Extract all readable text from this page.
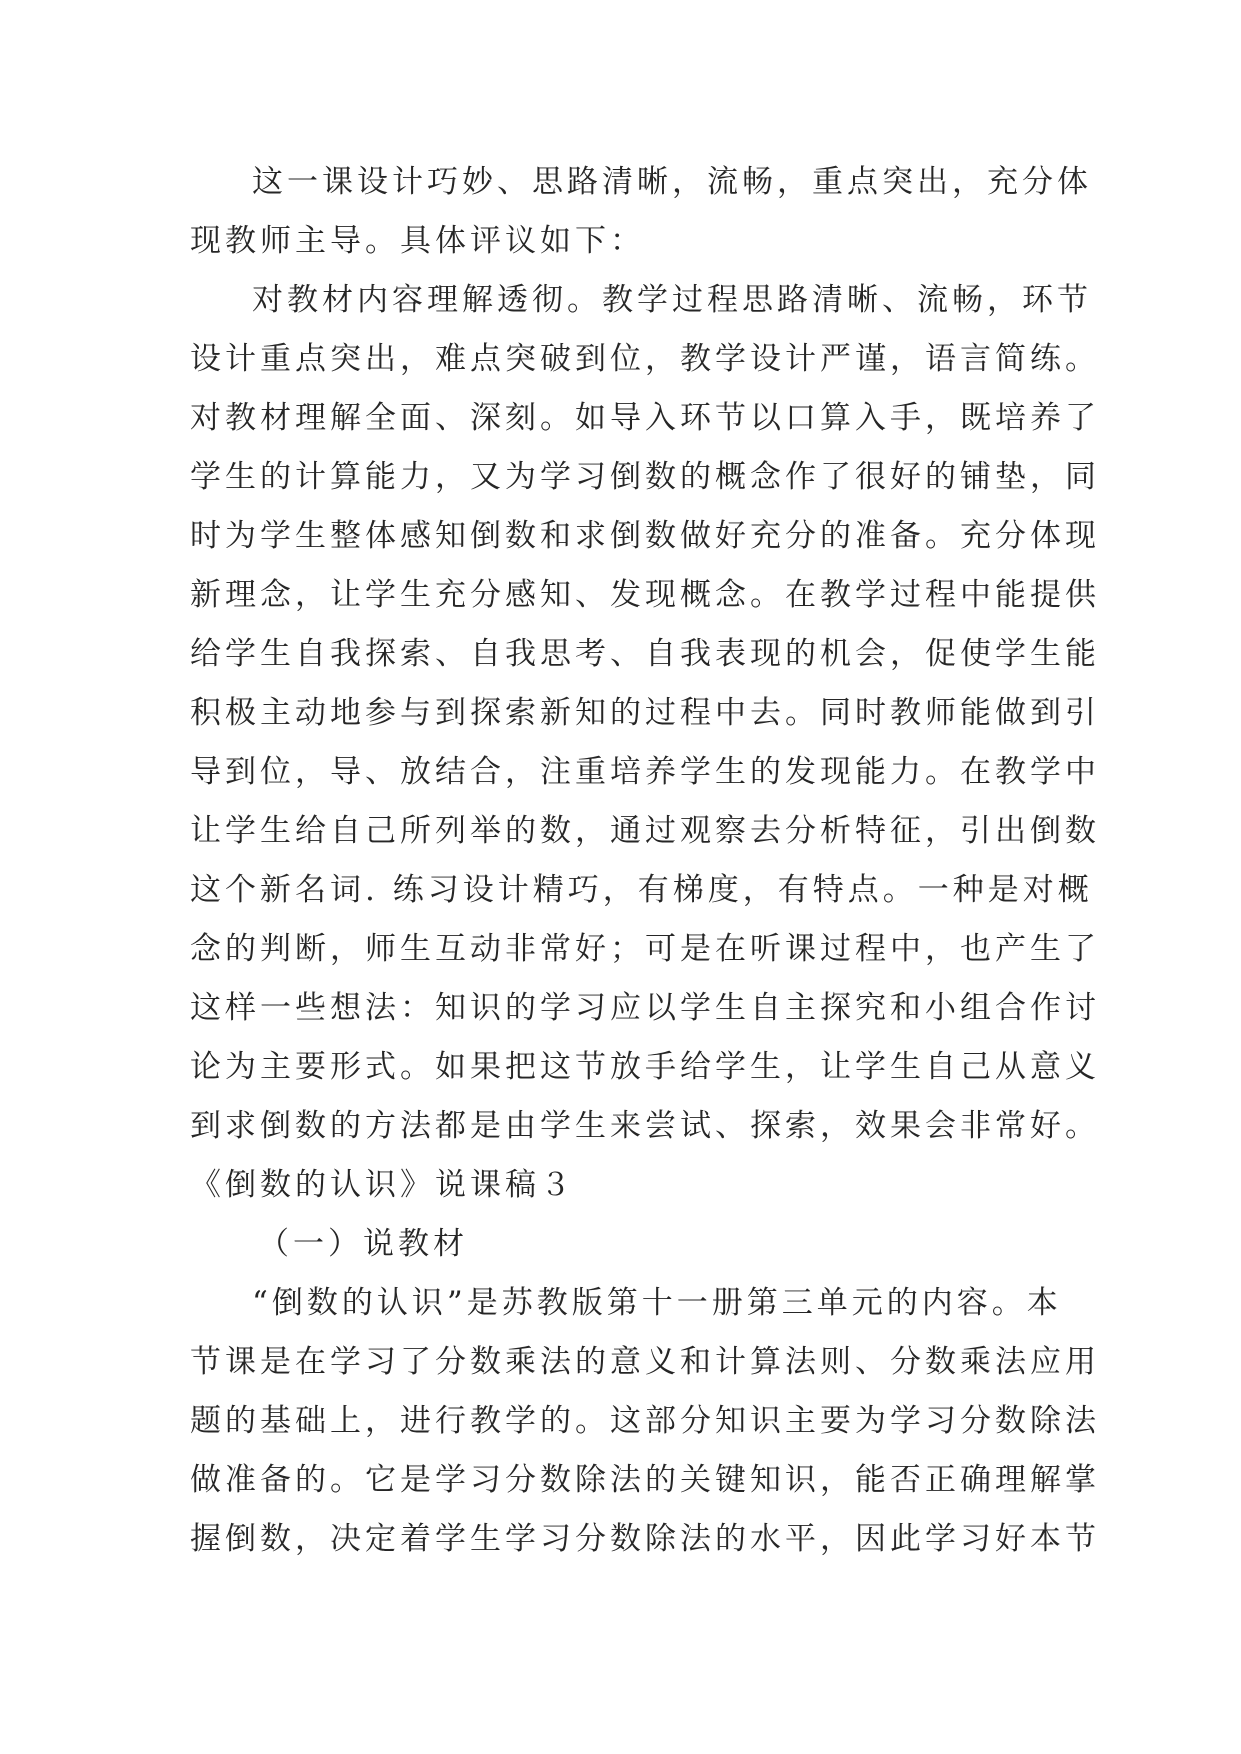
这一课设计巧妙、思路清晰，流畅，重点突出，充分体
现教师主导。具体评议如下：
对教材内容理解透彻。教学过程思路清晰、流畅，环节
设计重点突出，难点突破到位，教学设计严谨，语言简练。
对教材理解全面、深刻。如导入环节以口算入手，既培养了
学生的计算能力，又为学习倒数的概念作了很好的铺垫，同
时为学生整体感知倒数和求倒数做好充分的准备。充分体现
新理念，让学生充分感知、发现概念。在教学过程中能提供
给学生自我探索、自我思考、自我表现的机会，促使学生能
积极主动地参与到探索新知的过程中去。同时教师能做到引
导到位，导、放结合，注重培养学生的发现能力。在教学中
让学生给自己所列举的数，通过观察去分析特征，引出倒数
这个新名词. 练习设计精巧，有梯度，有特点。一种是对概
念的判断，师生互动非常好；可是在听课过程中，也产生了
这样一些想法：知识的学习应以学生自主探究和小组合作讨
论为主要形式。如果把这节放手给学生，让学生自己从意义
到求倒数的方法都是由学生来尝试、探索，效果会非常好。
《倒数的认识》说课稿３
（一）说教材
“倒数的认识”是苏教版第十一册第三单元的内容。本
节课是在学习了分数乘法的意义和计算法则、分数乘法应用
题的基础上，进行教学的。这部分知识主要为学习分数除法
做准备的。它是学习分数除法的关键知识，能否正确理解掌
握倒数，决定着学生学习分数除法的水平，因此学习好本节
